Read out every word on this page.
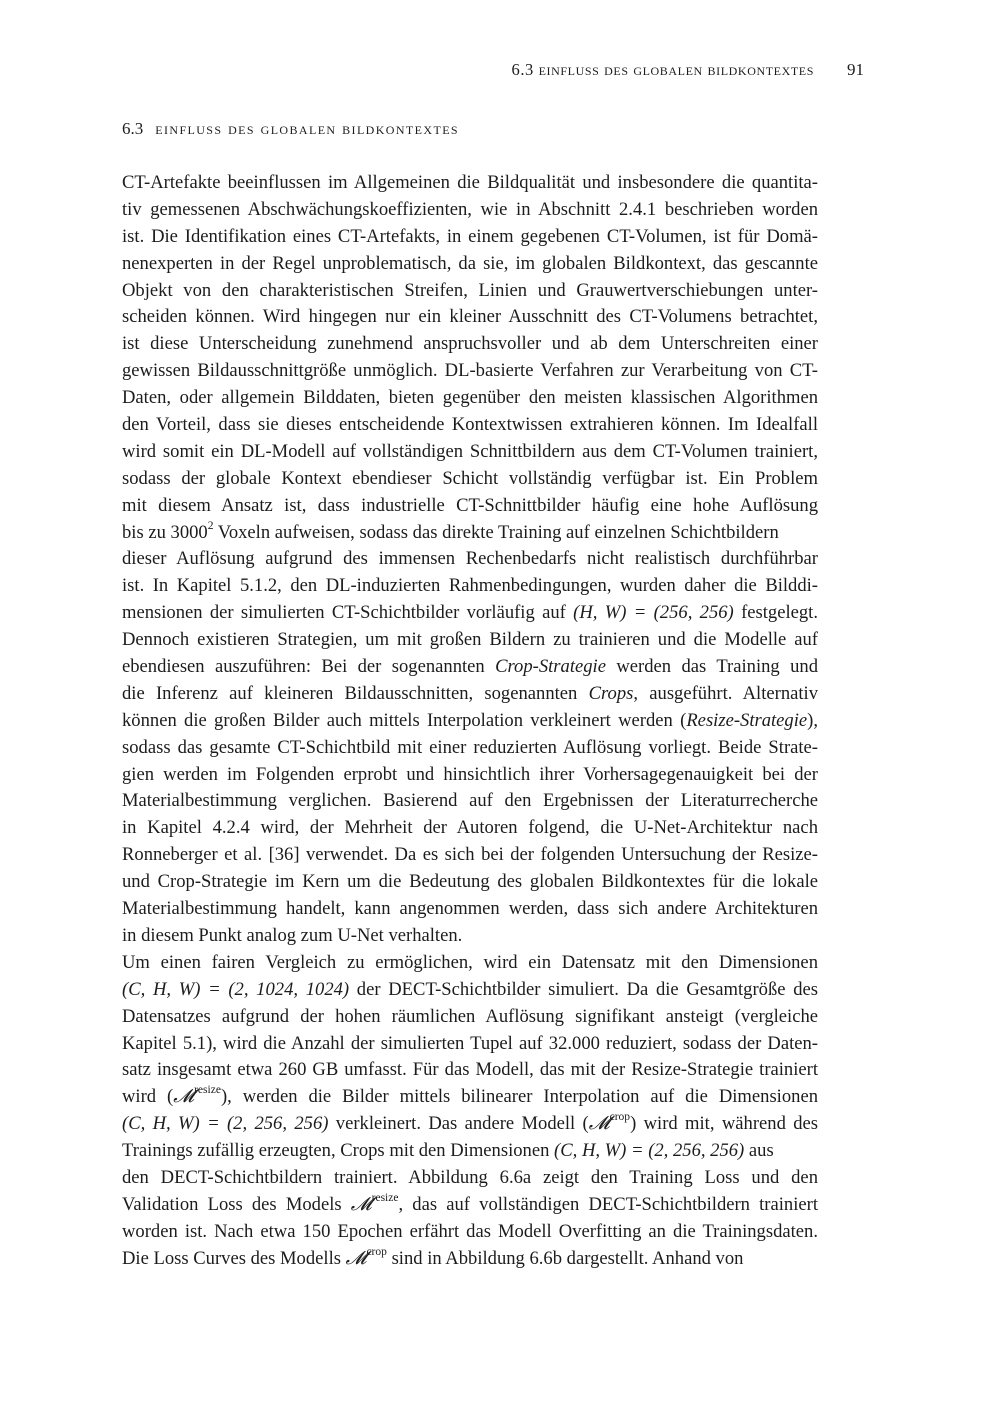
6.3 einfluss des globalen bildkontextes 91
6.3 einfluss des globalen bildkontextes
CT-Artefakte beeinflussen im Allgemeinen die Bildqualität und insbesondere die quantita-
tiv gemessenen Abschwächungskoeffizienten, wie in Abschnitt 2.4.1 beschrieben worden
ist. Die Identifikation eines CT-Artefakts, in einem gegebenen CT-Volumen, ist für Domä-
nenexperten in der Regel unproblematisch, da sie, im globalen Bildkontext, das gescannte
Objekt von den charakteristischen Streifen, Linien und Grauwertverschiebungen unter-
scheiden können. Wird hingegen nur ein kleiner Ausschnitt des CT-Volumens betrachtet,
ist diese Unterscheidung zunehmend anspruchsvoller und ab dem Unterschreiten einer
gewissen Bildausschnittgröße unmöglich. DL-basierte Verfahren zur Verarbeitung von CT-
Daten, oder allgemein Bilddaten, bieten gegenüber den meisten klassischen Algorithmen
den Vorteil, dass sie dieses entscheidende Kontextwissen extrahieren können. Im Idealfall
wird somit ein DL-Modell auf vollständigen Schnittbildern aus dem CT-Volumen trainiert,
sodass der globale Kontext ebendieser Schicht vollständig verfügbar ist. Ein Problem
mit diesem Ansatz ist, dass industrielle CT-Schnittbilder häufig eine hohe Auflösung
bis zu 3000$^2$ Voxeln aufweisen, sodass das direkte Training auf einzelnen Schichtbildern
dieser Auflösung aufgrund des immensen Rechenbedarfs nicht realistisch durchführbar
ist. In Kapitel 5.1.2, den DL-induzierten Rahmenbedingungen, wurden daher die Bilddi-
mensionen der simulierten CT-Schichtbilder vorläufig auf (H, W) = (256, 256) festgelegt.
Dennoch existieren Strategien, um mit großen Bildern zu trainieren und die Modelle auf
ebendiesen auszuführen: Bei der sogenannten Crop-Strategie werden das Training und
die Inferenz auf kleineren Bildausschnitten, sogenannten Crops, ausgeführt. Alternativ
können die großen Bilder auch mittels Interpolation verkleinert werden (Resize-Strategie),
sodass das gesamte CT-Schichtbild mit einer reduzierten Auflösung vorliegt. Beide Strate-
gien werden im Folgenden erprobt und hinsichtlich ihrer Vorhersagegenauigkeit bei der
Materialbestimmung verglichen. Basierend auf den Ergebnissen der Literaturrecherche
in Kapitel 4.2.4 wird, der Mehrheit der Autoren folgend, die U-Net-Architektur nach
Ronneberger et al. [36] verwendet. Da es sich bei der folgenden Untersuchung der Resize-
und Crop-Strategie im Kern um die Bedeutung des globalen Bildkontextes für die lokale
Materialbestimmung handelt, kann angenommen werden, dass sich andere Architekturen
in diesem Punkt analog zum U-Net verhalten.
Um einen fairen Vergleich zu ermöglichen, wird ein Datensatz mit den Dimensionen
(C, H, W) = (2, 1024, 1024) der DECT-Schichtbilder simuliert. Da die Gesamtgröße des
Datensatzes aufgrund der hohen räumlichen Auflösung signifikant ansteigt (vergleiche
Kapitel 5.1), wird die Anzahl der simulierten Tupel auf 32.000 reduziert, sodass der Daten-
satz insgesamt etwa 260 GB umfasst. Für das Modell, das mit der Resize-Strategie trainiert
wird (𝓜$^{resize}$), werden die Bilder mittels bilinearer Interpolation auf die Dimensionen
(C, H, W) = (2, 256, 256) verkleinert. Das andere Modell (𝓜$^{crop}$) wird mit, während des
Trainings zufällig erzeugten, Crops mit den Dimensionen (C, H, W) = (2, 256, 256) aus
den DECT-Schichtbildern trainiert. Abbildung 6.6a zeigt den Training Loss und den
Validation Loss des Models 𝓜$^{resize}$, das auf vollständigen DECT-Schichtbildern trainiert
worden ist. Nach etwa 150 Epochen erfährt das Modell Overfitting an die Trainingsdaten.
Die Loss Curves des Modells 𝓜$^{crop}$ sind in Abbildung 6.6b dargestellt. Anhand von
